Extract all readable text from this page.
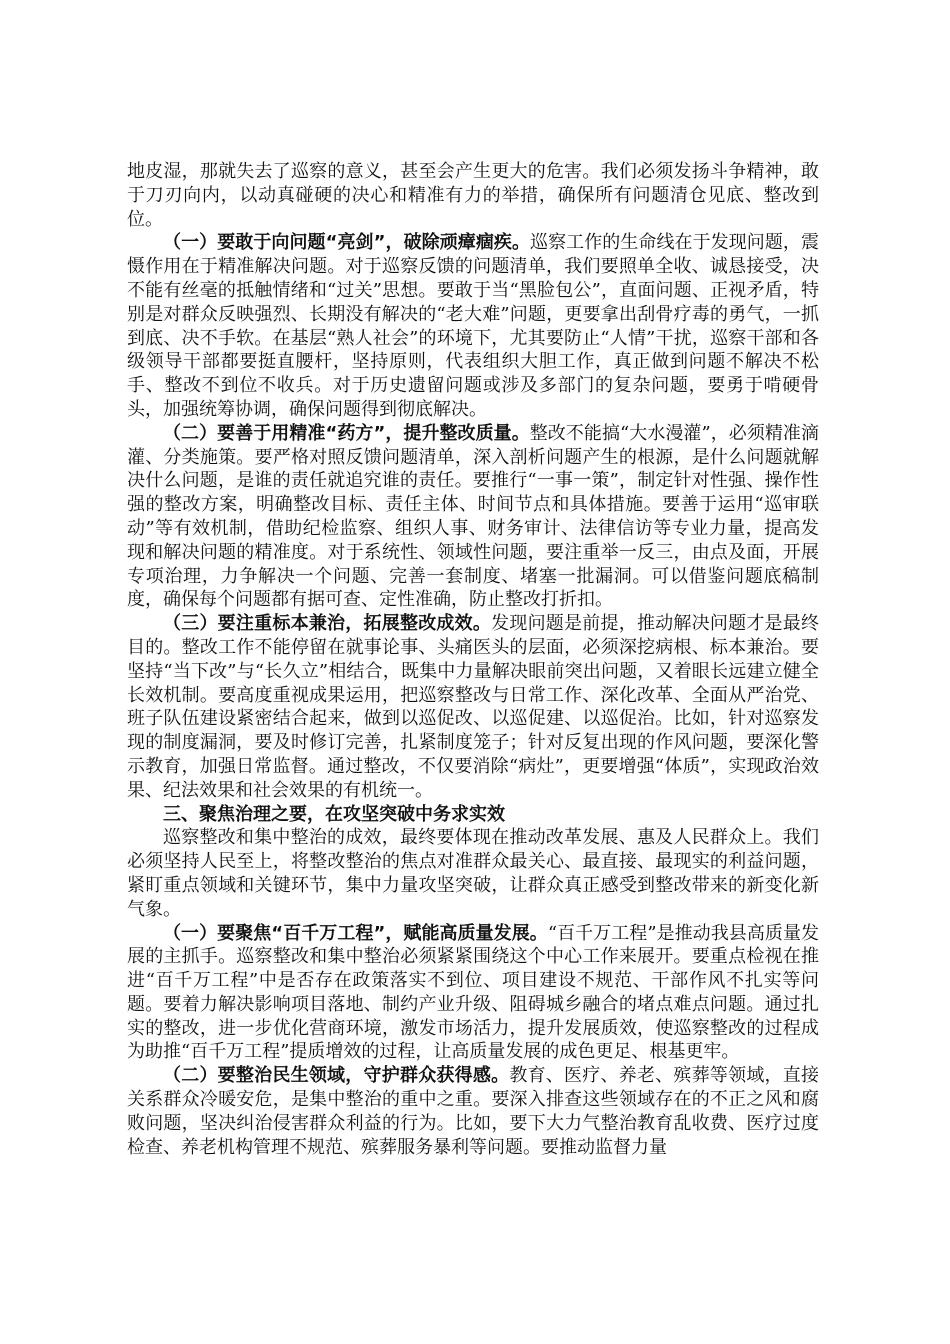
地皮湿，那就失去了巡察的意义，甚至会产生更大的危害。我们必须发扬斗争精神，敢于刀刃向内，以动真碰硬的决心和精准有力的举措，确保所有问题清仓见底、整改到位。

（一）要敢于向问题“亮剑”，破除顽瘴痼疾。巡察工作的生命线在于发现问题，震慑作用在于精准解决问题。对于巡察反馈的问题清单，我们要照单全收、诚恳接受，决不能有丝毫的抵触情绪和“过关”思想。要敢于当“黑脸包公”，直面问题、正视矛盾，特别是对群众反映强烈、长期没有解决的“老大难”问题，更要拿出刮骨疗毒的勇气，一抓到底、决不手软。在基层“熟人社会”的环境下，尤其要防止“人情”干扰，巡察干部和各级领导干部都要挺直腰杆，坚持原则，代表组织大胆工作，真正做到问题不解决不松手、整改不到位不收兵。对于历史遗留问题或涉及多部门的复杂问题，要勇于啃硬骨头，加强统筹协调，确保问题得到彻底解决。

（二）要善于用精准“药方”，提升整改质量。整改不能搞“大水漫灌”，必须精准滴灌、分类施策。要严格对照反馈问题清单，深入剖析问题产生的根源，是什么问题就解决什么问题，是谁的责任就追究谁的责任。要推行“一事一策”，制定针对性强、操作性强的整改方案，明确整改目标、责任主体、时间节点和具体措施。要善于运用“巡审联动”等有效机制，借助纪检监察、组织人事、财务审计、法律信访等专业力量，提高发现和解决问题的精准度。对于系统性、领域性问题，要注重举一反三，由点及面，开展专项治理，力争解决一个问题、完善一套制度、堵塞一批漏洞。可以借鉴问题底稿制度，确保每个问题都有据可查、定性准确，防止整改打折扣。

（三）要注重标本兼治，拓展整改成效。发现问题是前提，推动解决问题才是最终目的。整改工作不能停留在就事论事、头痛医头的层面，必须深挖病根、标本兼治。要坚持“当下改”与“长久立”相结合，既集中力量解决眼前突出问题，又着眼长远建立健全长效机制。要高度重视成果运用，把巡察整改与日常工作、深化改革、全面从严治党、班子队伍建设紧密结合起来，做到以巡促改、以巡促建、以巡促治。比如，针对巡察发现的制度漏洞，要及时修订完善，扎紧制度笼子；针对反复出现的作风问题，要深化警示教育，加强日常监督。通过整改，不仅要消除“病灶”，更要增强“体质”，实现政治效果、纪法效果和社会效果的有机统一。

三、聚焦治理之要，在攻坚突破中务求实效

巡察整改和集中整治的成效，最终要体现在推动改革发展、惠及人民群众上。我们必须坚持人民至上，将整改整治的焦点对准群众最关心、最直接、最现实的利益问题，紧盯重点领域和关键环节，集中力量攻坚突破，让群众真正感受到整改带来的新变化新气象。

（一）要聚焦“百千万工程”，赋能高质量发展。“百千万工程”是推动我县高质量发展的主抓手。巡察整改和集中整治必须紧紧围绕这个中心工作来展开。要重点检视在推进“百千万工程”中是否存在政策落实不到位、项目建设不规范、干部作风不扎实等问题。要着力解决影响项目落地、制约产业升级、阻碍城乡融合的堵点难点问题。通过扎实的整改，进一步优化营商环境，激发市场活力，提升发展质效，使巡察整改的过程成为助推“百千万工程”提质增效的过程，让高质量发展的成色更足、根基更牢。

（二）要整治民生领域，守护群众获得感。教育、医疗、养老、殡葬等领域，直接关系群众冷暖安危，是集中整治的重中之重。要深入排查这些领域存在的不正之风和腐败问题，坚决纠治侵害群众利益的行为。比如，要下大力气整治教育乱收费、医疗过度检查、养老机构管理不规范、殡葬服务暴利等问题。要推动监督力量
